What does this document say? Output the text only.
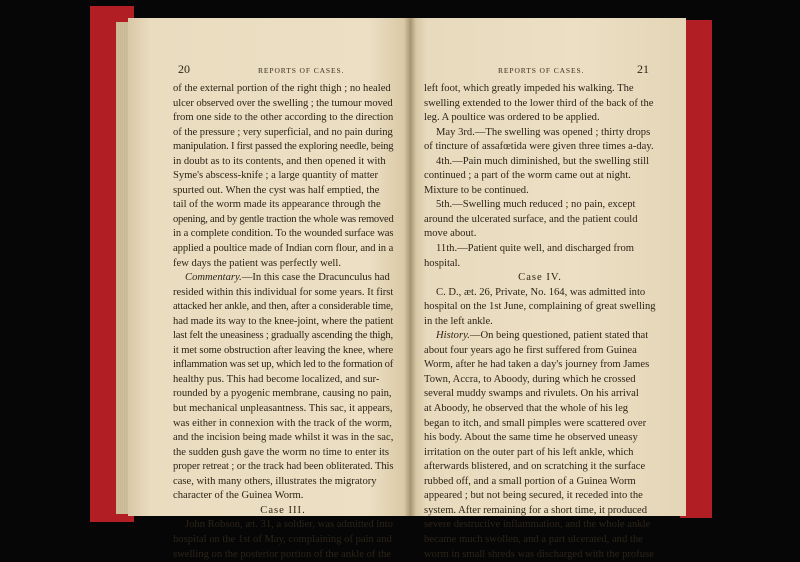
20	REPORTS OF CASES.	REPORTS OF CASES.	21
of the external portion of the right thigh ; no healed
ulcer observed over the swelling ; the tumour moved
from one side to the other according to the direction
of the pressure ; very superficial, and no pain during
manipulation. I first passed the exploring needle, being
in doubt as to its contents, and then opened it with
Syme's abscess-knife ; a large quantity of matter
spurted out. When the cyst was half emptied, the
tail of the worm made its appearance through the
opening, and by gentle traction the whole was removed
in a complete condition. To the wounded surface was
applied a poultice made of Indian corn flour, and in a
few days the patient was perfectly well.
Commentary.—In this case the Dracunculus had
resided within this individual for some years. It first
attacked her ankle, and then, after a considerable time,
had made its way to the knee-joint, where the patient
last felt the uneasiness ; gradually ascending the thigh,
it met some obstruction after leaving the knee, where
inflammation was set up, which led to the formation of
healthy pus. This had become localized, and sur-
rounded by a pyogenic membrane, causing no pain,
but mechanical unpleasantness. This sac, it appears,
was either in connexion with the track of the worm,
and the incision being made whilst it was in the sac,
the sudden gush gave the worm no time to enter its
proper retreat ; or the track had been obliterated. This
case, with many others, illustrates the migratory
character of the Guinea Worm.
Case III.
John Robson, æt. 31, a soldier, was admitted into
hospital on the 1st of May, complaining of pain and
swelling on the posterior portion of the ankle of the
left foot, which greatly impeded his walking. The
swelling extended to the lower third of the back of the
leg. A poultice was ordered to be applied.
May 3rd.—The swelling was opened ; thirty drops
of tincture of assafœtida were given three times a-day.
4th.—Pain much diminished, but the swelling still
continued ; a part of the worm came out at night.
Mixture to be continued.
5th.—Swelling much reduced ; no pain, except
around the ulcerated surface, and the patient could
move about.
11th.—Patient quite well, and discharged from
hospital.
Case IV.
C. D., æt. 26, Private, No. 164, was admitted into
hospital on the 1st June, complaining of great swelling
in the left ankle.
History.—On being questioned, patient stated that
about four years ago he first suffered from Guinea
Worm, after he had taken a day's journey from James
Town, Accra, to Aboody, during which he crossed
several muddy swamps and rivulets. On his arrival
at Aboody, he observed that the whole of his leg
began to itch, and small pimples were scattered over
his body. About the same time he observed uneasy
irritation on the outer part of his left ankle, which
afterwards blistered, and on scratching it the surface
rubbed off, and a small portion of a Guinea Worm
appeared ; but not being secured, it receded into the
system. After remaining for a short time, it produced
severe destructive inflammation, and the whole ankle
became much swollen, and a part ulcerated, and the
worm in small shreds was discharged with the profuse
